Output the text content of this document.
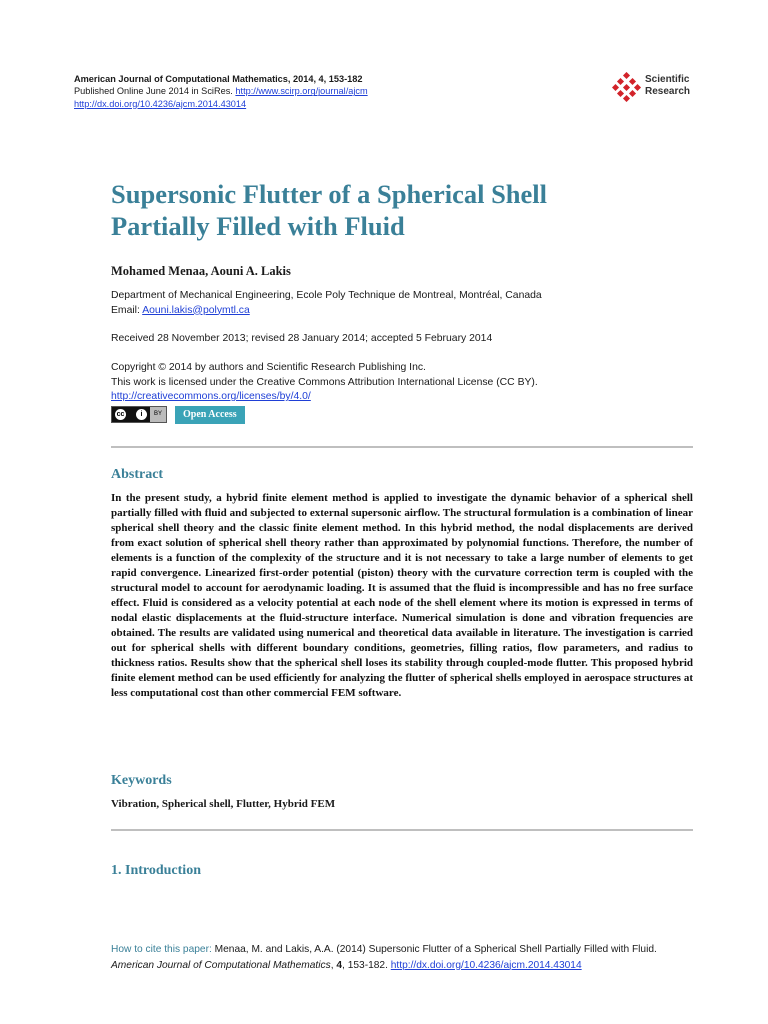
American Journal of Computational Mathematics, 2014, 4, 153-182
Published Online June 2014 in SciRes. http://www.scirp.org/journal/ajcm
http://dx.doi.org/10.4236/ajcm.2014.43014
Scientific
Research
Supersonic Flutter of a Spherical Shell
Partially Filled with Fluid
Mohamed Menaa, Aouni A. Lakis
Department of Mechanical Engineering, Ecole Poly Technique de Montreal, Montréal, Canada
Email: Aouni.lakis@polymtl.ca
Received 28 November 2013; revised 28 January 2014; accepted 5 February 2014
Copyright © 2014 by authors and Scientific Research Publishing Inc.
This work is licensed under the Creative Commons Attribution International License (CC BY).
http://creativecommons.org/licenses/by/4.0/
cc	i	BY	Open Access
Abstract
In the present study, a hybrid finite element method is applied to investigate the dynamic behavior of a spherical shell partially filled with fluid and subjected to external supersonic airflow. The structural formulation is a combination of linear spherical shell theory and the classic finite element method. In this hybrid method, the nodal displacements are derived from exact solution of spherical shell theory rather than approximated by polynomial functions. Therefore, the number of elements is a function of the complexity of the structure and it is not necessary to take a large number of elements to get rapid convergence. Linearized first-order potential (piston) theory with the curvature correction term is coupled with the structural model to account for aerodynamic loading. It is assumed that the fluid is incompressible and has no free surface effect. Fluid is considered as a velocity potential at each node of the shell element where its motion is expressed in terms of nodal elastic displacements at the fluid-structure interface. Numerical simulation is done and vibration frequencies are obtained. The results are validated using numerical and theoretical data available in literature. The investigation is carried out for spherical shells with different boundary conditions, geometries, filling ratios, flow parameters, and radius to thickness ratios. Results show that the spherical shell loses its stability through coupled-mode flutter. This proposed hybrid finite element method can be used efficiently for analyzing the flutter of spherical shells employed in aerospace structures at less computational cost than other commercial FEM software.
Keywords
Vibration, Spherical shell, Flutter, Hybrid FEM
1. Introduction
How to cite this paper: Menaa, M. and Lakis, A.A. (2014) Supersonic Flutter of a Spherical Shell Partially Filled with Fluid.
American Journal of Computational Mathematics, 4, 153-182. http://dx.doi.org/10.4236/ajcm.2014.43014
